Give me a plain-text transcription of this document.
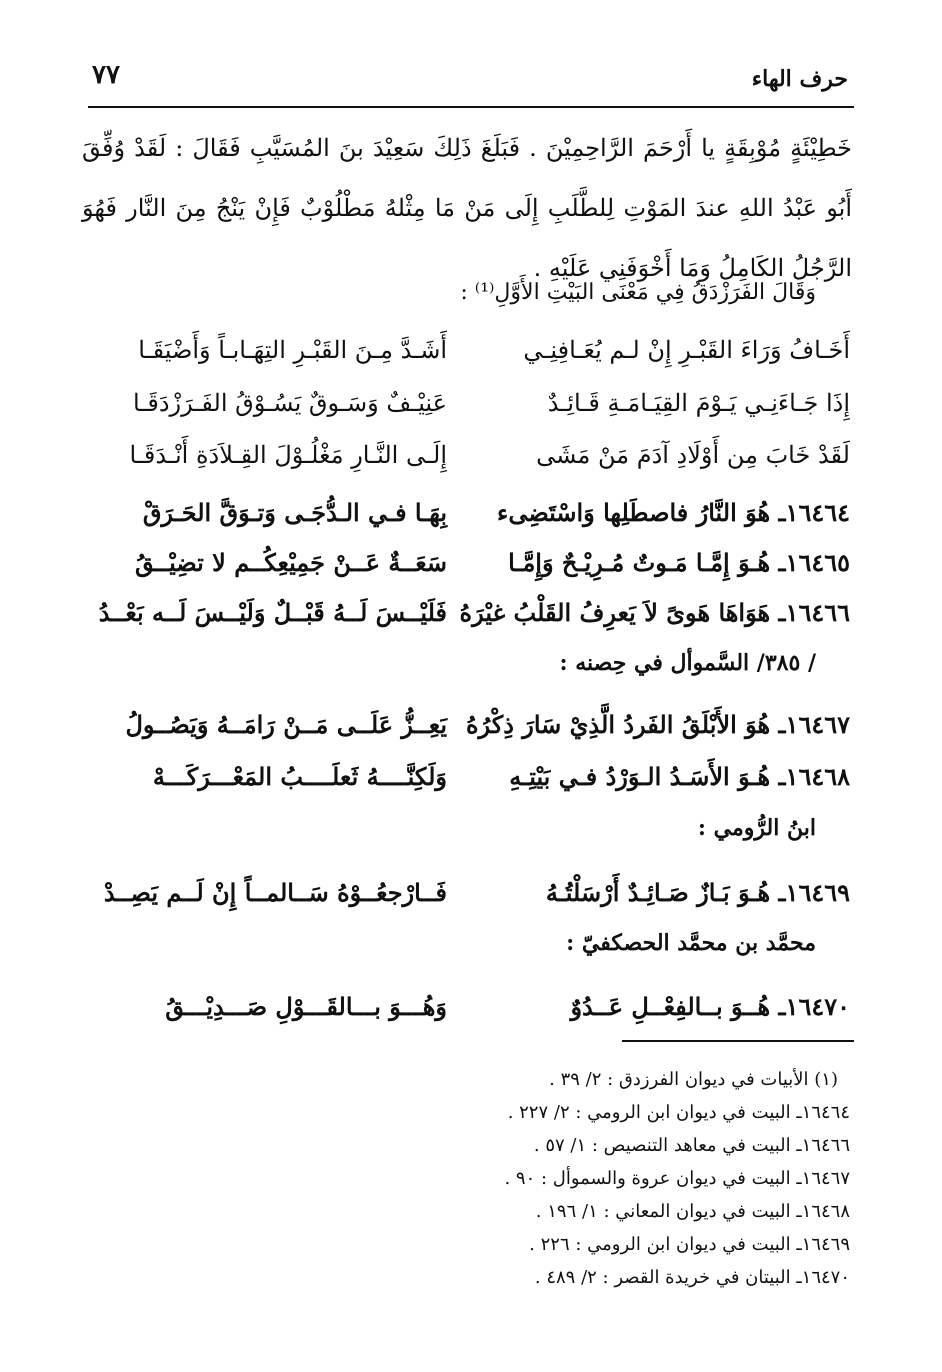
حرف الهاء
٧٧

خَطِيْئَةٍ مُوْبِقَةٍ يا أَرْحَمَ الرَّاحِمِيْنَ . فَبَلَغَ ذَلِكَ سَعِيْدَ بنَ المُسَيَّبِ فَقَالَ : لَقَدْ وُفِّقَ أَبُو عَبْدُ اللهِ عندَ المَوْتِ لِلطَّلَبِ إِلَى مَنْ مَا مِثْلهُ مَطْلُوْبٌ فَإِنْ يَنْجُ مِنَ النَّار فَهُوَ الرَّجُلُ الكَامِلُ وَمَا أَخْوَفَنِي عَلَيْهِ .

وَقَالَ الفَرَزْدَقُ فِي مَعْنَى البَيْتِ الأَوَّلِ⁽¹⁾ :
أَخَـافُ وَرَاءَ القَبْـرِ إِنْ لـم يُعَـافِنِـي
أَشَـدَّ مِـنَ القَبْـرِ التِهَـابـاً وَأَضْيَقَـا
إِذَا جَـاءَنِـي يَـوْمَ القِيَـامَـةِ قَـائِـدٌ
عَنِيْـفٌ وَسَـوقٌ يَسُـوْقُ الفَـرَزْدَقَـا
لَقَدْ خَابَ مِن أَوْلَادِ آدَمَ مَنْ مَشَى
إِلَـى النَّـارِ مَغْلُـوْلَ القِـلاَدَةِ أَنْـدَقَـا
١٦٤٦٤ـ هُوَ النَّارُ فاصطَلِها وَاسْتَضِىء
بِهَـا فـي الـدُّجَـى وَتـوَقَّ الحَـرَقْ
١٦٤٦٥ـ هُـوَ إِمَّـا مَـوتٌ مُـرِيْـحٌ وَإِمَّـا
سَعَــةٌ عَــنْ جَمِيْعِكُــم لا تضِيْــقُ
١٦٤٦٦ـ هَوَاهَا هَوىً لاَ يَعرِفُ القَلْبُ غيْرَهُ
فَلَيْــسَ لَــهُ قَبْــلٌ وَلَيْــسَ لَــه بَعْــدُ
/ ٣٨٥/ السَّموأل في حِصنه :
١٦٤٦٧ـ هُوَ الأَبْلَقُ الفَردُ الَّذِيْ سَارَ ذِكْرُهُ
يَعِــزُّ عَلَــى مَــنْ رَامَــهُ وَيَصُــولُ
١٦٤٦٨ـ هُـوَ الأَسَـدُ الـوَرْدُ فـي بَيْتِـهِ
وَلَكِنَّــــهُ ثَعلَــــبُ المَعْـــرَكَـــهْ
ابنُ الرُّومي :
١٦٤٦٩ـ هُـوَ بَـازٌ صَـائِـدٌ أَرْسَلْتُـهُ
فَــارْجعُــوْهُ سَــالمــاً إِنْ لَــم يَصِــدْ
محمَّد بن محمَّد الحصكفيّ :
١٦٤٧٠ـ هُــوَ بــالفِعْــلِ عَــدُوٌ
وَهُـــوَ بـــالقَـــوْلِ صَـــدِيْـــقُ
(١) الأبيات في ديوان الفرزدق : ٢/ ٣٩ .
١٦٤٦٤ـ البيت في ديوان ابن الرومي : ٢/ ٢٢٧ .
١٦٤٦٦ـ البيت في معاهد التنصيص : ١/ ٥٧ .
١٦٤٦٧ـ البيت في ديوان عروة والسموأل : ٩٠ .
١٦٤٦٨ـ البيت في ديوان المعاني : ١/ ١٩٦ .
١٦٤٦٩ـ البيت في ديوان ابن الرومي : ٢٢٦ .
١٦٤٧٠ـ البيتان في خريدة القصر : ٢/ ٤٨٩ .
